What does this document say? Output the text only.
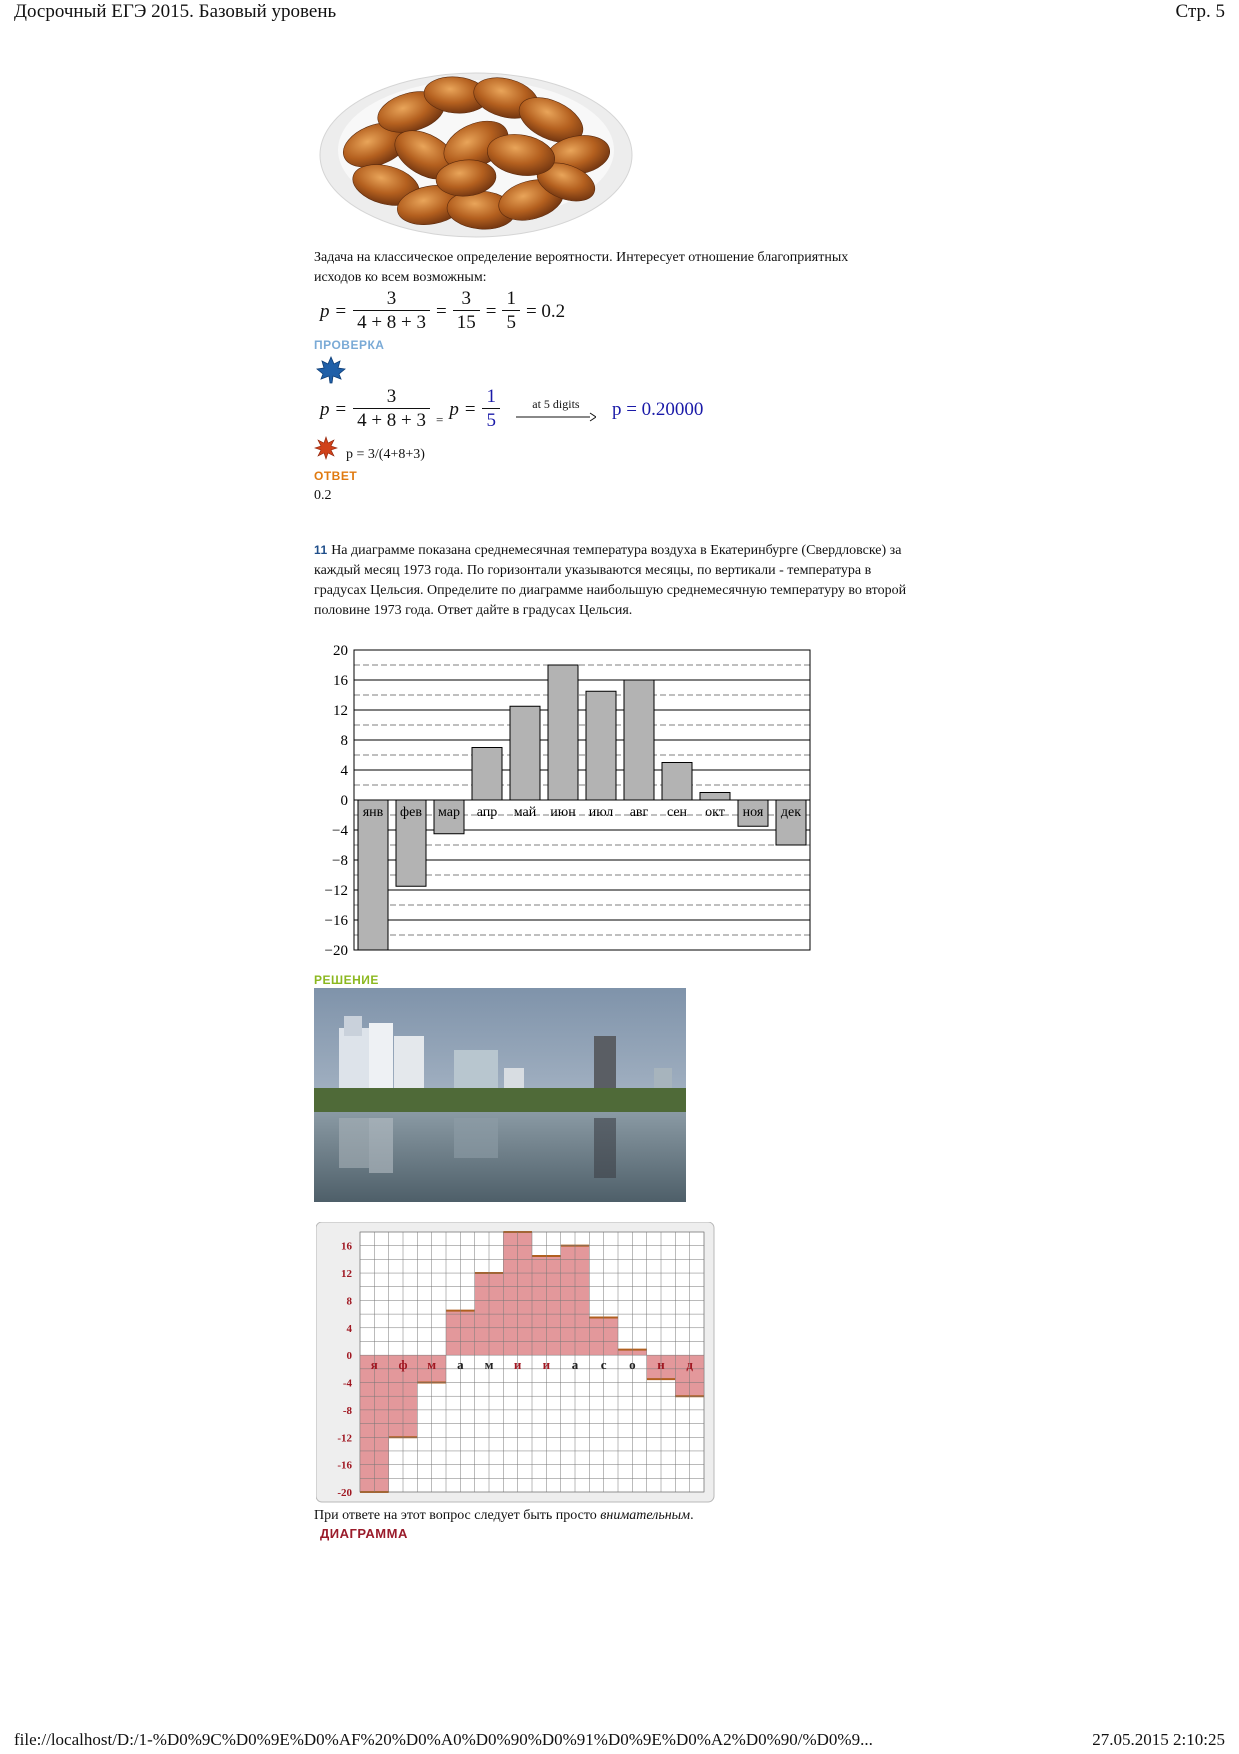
Досрочный ЕГЭ 2015. Базовый уровень	Стр. 5
Задача на классическое определение вероятности. Интересует отношение благоприятных исходов ко всем возможным:
$p = \frac{3}{4 + 8 + 3} = \frac{3}{15} = \frac{1}{5} = 0.2$
ПРОВЕРКА
$p = \frac{3}{4 + 8 + 3} = p = \frac{1}{5}$	at 5 digits p = 0.20000
p = 3/(4+8+3)
ОТВЕТ
0.2
11 На диаграмме показана среднемесячная температура воздуха в Екатеринбурге (Свердловске) за каждый месяц 1973 года. По горизонтали указываются месяцы, по вертикали - температура в градусах Цельсия. Определите по диаграмме наибольшую среднемесячную температуру во второй половине 1973 года. Ответ дайте в градусах Цельсия.
20
16
12
8
4
0
−4
−8
−12
−16
−20
янв фев мар апр май июн июл авг сен окт ноя дек
РЕШЕНИЕ
16
12
8
4
0
-4
-8
-12
-16
-20
я ф м а м и и а с о н д
При ответе на этот вопрос следует быть просто внимательным.
ДИАГРАММА
file://localhost/D:/1-%D0%9C%D0%9E%D0%AF%20%D0%A0%D0%90%D0%91%D0%9E%D0%A2%D0%90/%D0%9...	27.05.2015 2:10:25
